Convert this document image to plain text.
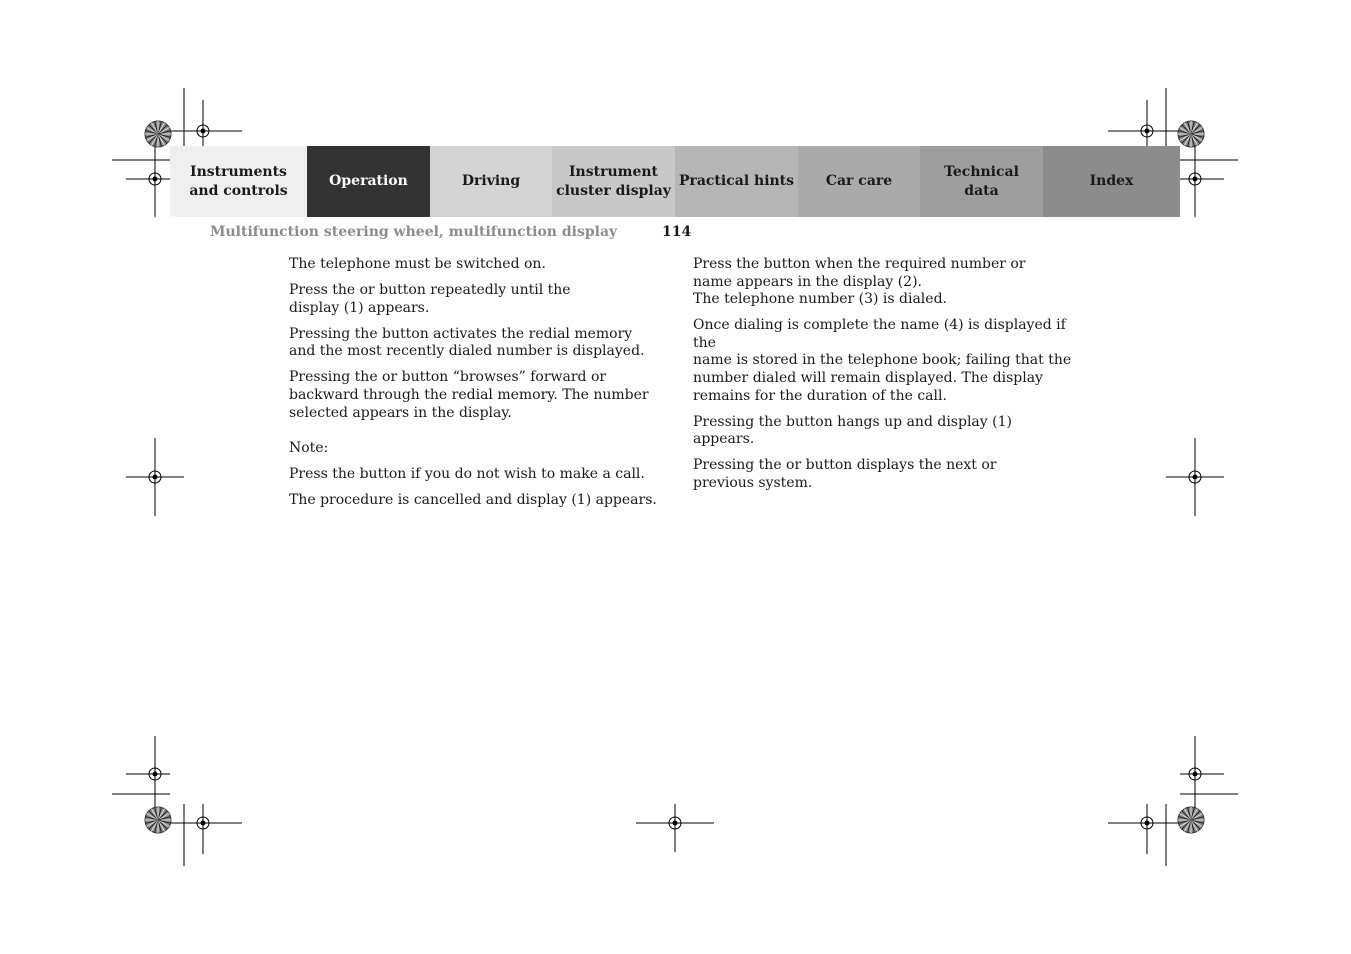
Instruments
and controls
Operation	Driving
Instrument
cluster display
Practical hints	Car care
Technical
data
Index
Multifunction steering wheel, multifunction display	114

The telephone must be switched on.

Press the or button repeatedly until the
display (1) appears.

Pressing the button activates the redial memory
and the most recently dialed number is displayed.

Pressing the or button “browses” forward or
backward through the redial memory. The number
selected appears in the display.

Note:

Press the button if you do not wish to make a call.

The procedure is cancelled and display (1) appears.

Press the button when the required number or
name appears in the display (2).
The telephone number (3) is dialed.

Once dialing is complete the name (4) is displayed if the
name is stored in the telephone book; failing that the
number dialed will remain displayed. The display
remains for the duration of the call.

Pressing the button hangs up and display (1)
appears.

Pressing the or button displays the next or
previous system.
